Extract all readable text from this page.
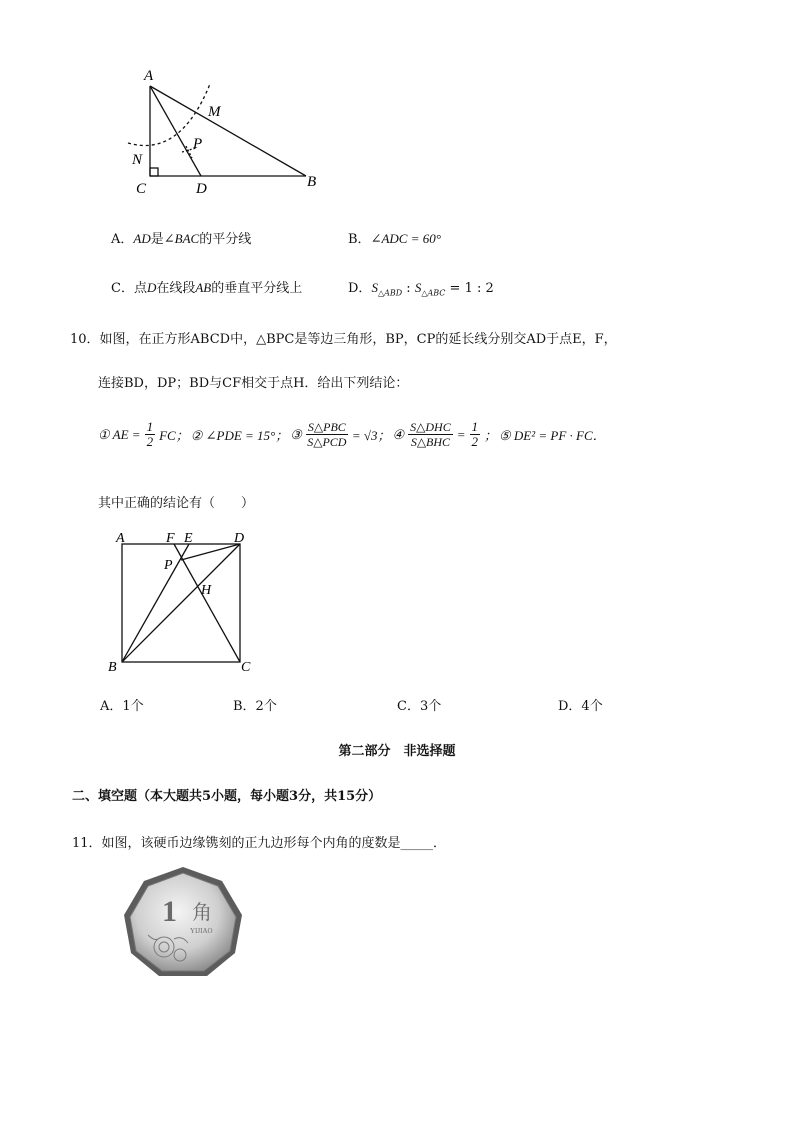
A
M
P
N
C	D	B
A．AD是∠BAC的平分线	B．∠ADC = 60°
C．点D在线段AB的垂直平分线上	D．$S_{\triangle ABD}$ : $S_{\triangle ABC} = 1$ : 2
10．如图，在正方形ABCD中，△BPC是等边三角形，BP，CP的延长线分别交AD于点E，F，
连接BD，DP；BD与CF相交于点H．给出下列结论：
① AE = $\frac{1}{2}$ FC； ② ∠PDE = 15°； ③ $\frac{\text{S△PBC}}{\text{S△PCD}} = √3$； ④ $\frac{\text{S△DHC}}{\text{S△BHC}} = \frac{1}{2}$ ； ⑤ DE² = PF · FC．
其中正确的结论有（　　）
A	F E	D
P
H
B	C
A．1个	B．2个	C．3个	D．4个
第二部分　非选择题
二、填空题（本大题共5小题，每小题3分，共15分）
11．如图，该硬币边缘镌刻的正九边形每个内角的度数是_____．
1 角
YIJIAO
